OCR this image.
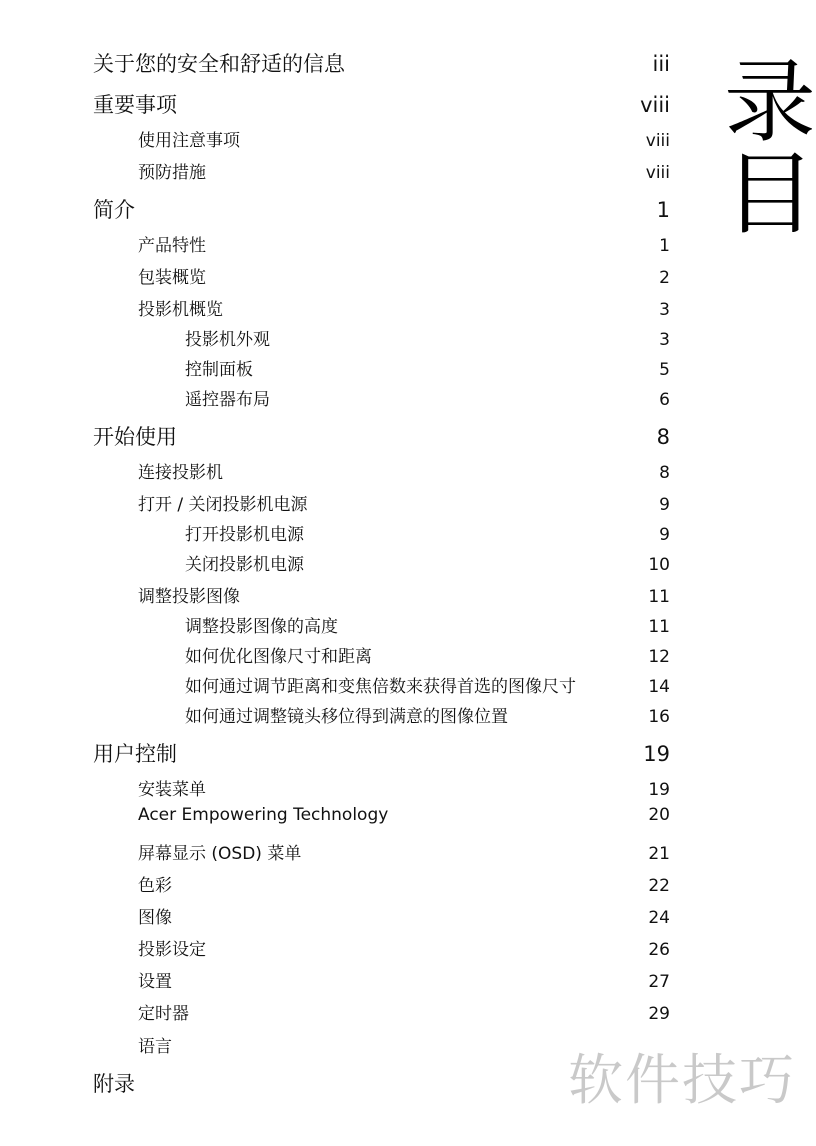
关于您的安全和舒适的信息	iii
重要事项	viii
使用注意事项	viii
预防措施	viii
简介	1
产品特性	1
包装概览	2
投影机概览	3
投影机外观	3
控制面板	5
遥控器布局	6
开始使用	8
连接投影机	8
打开 / 关闭投影机电源	9
打开投影机电源	9
关闭投影机电源	10
调整投影图像	11
调整投影图像的高度	11
如何优化图像尺寸和距离	12
如何通过调节距离和变焦倍数来获得首选的图像尺寸	14
如何通过调整镜头移位得到满意的图像位置	16
用户控制	19
安装菜单	19
Acer Empowering Technology	20
屏幕显示 (OSD) 菜单	21
色彩	22
图像	24
投影设定	26
设置	27
定时器	29
语言
附录
录
目
软件技巧
